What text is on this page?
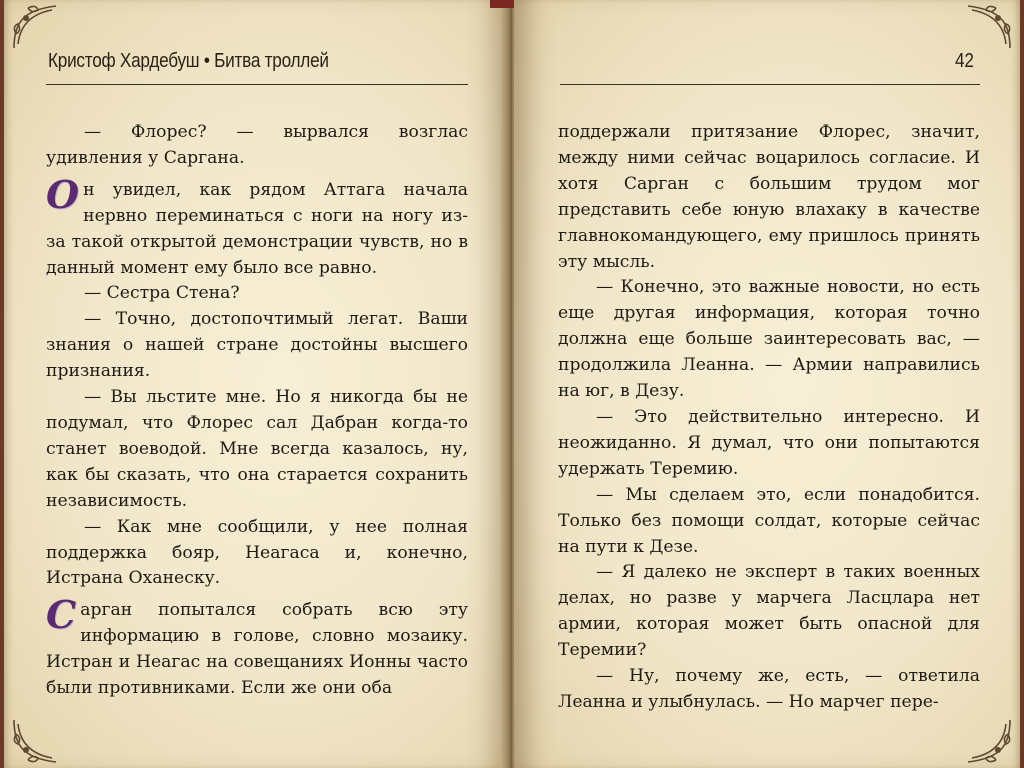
Кристоф Хардебуш • Битва троллей

— Флорес? — вырвался возглас удивления у Саргана.

Он увидел, как рядом Аттага начала нервно переминаться с ноги на ногу из-за такой открытой демонстрации чувств, но в данный момент ему было все равно.

— Сестра Стена?

— Точно, достопочтимый легат. Ваши знания о нашей стране достойны высшего признания.

— Вы льстите мне. Но я никогда бы не подумал, что Флорес сал Дабран когда-то станет воеводой. Мне всегда казалось, ну, как бы сказать, что она старается сохранить независимость.

— Как мне сообщили, у нее полная поддержка бояр, Неагаса и, конечно, Истрана Оханеску.

Сарган попытался собрать всю эту информацию в голове, словно мозаику. Истран и Неагас на совещаниях Ионны часто были противниками. Если же они оба

42

поддержали притязание Флорес, значит, между ними сейчас воцарилось согласие. И хотя Сарган с большим трудом мог представить себе юную влахаку в качестве главнокомандующего, ему пришлось принять эту мысль.

— Конечно, это важные новости, но есть еще другая информация, которая точно должна еще больше заинтересовать вас, — продолжила Леанна. — Армии направились на юг, в Дезу.

— Это действительно интересно. И неожиданно. Я думал, что они попытаются удержать Теремию.

— Мы сделаем это, если понадобится. Только без помощи солдат, которые сейчас на пути к Дезе.

— Я далеко не эксперт в таких военных делах, но разве у марчега Ласцлара нет армии, которая может быть опасной для Теремии?

— Ну, почему же, есть, — ответила Леанна и улыбнулась. — Но марчег пере-
